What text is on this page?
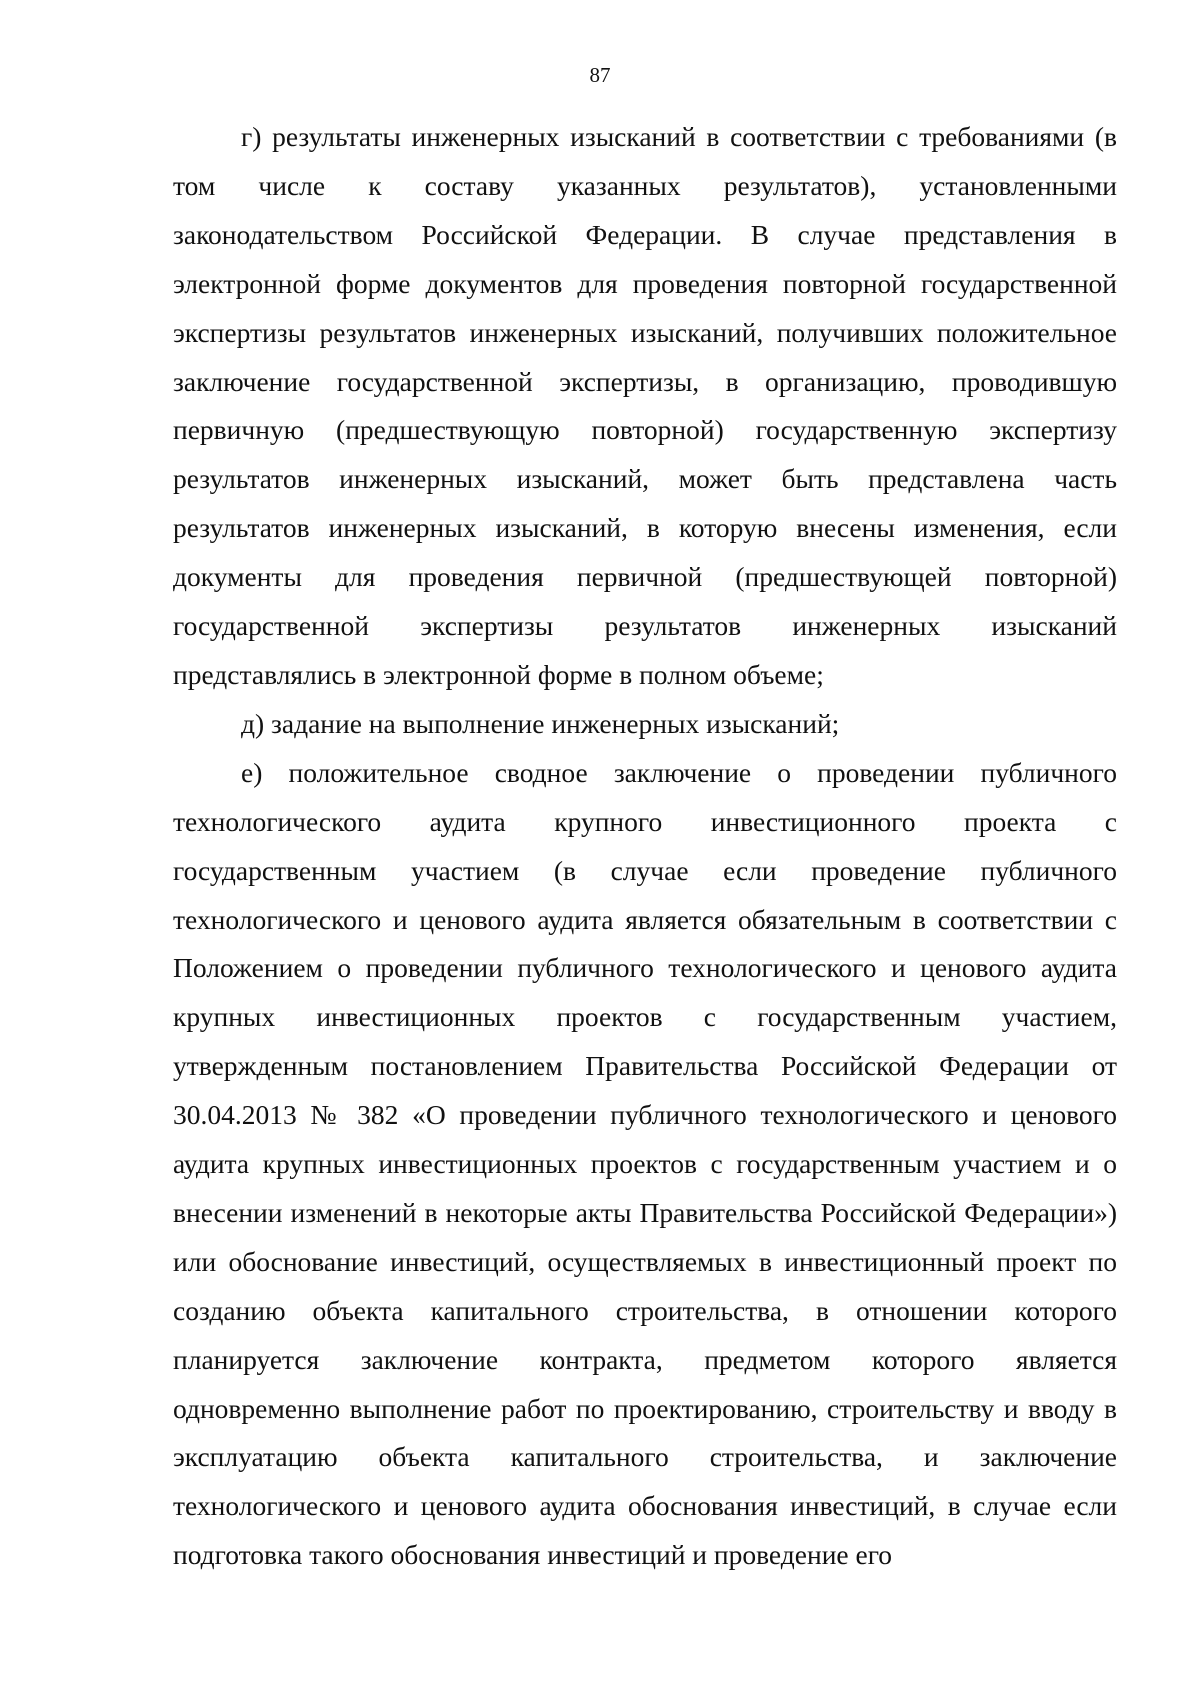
87

г) результаты инженерных изысканий в соответствии с требованиями (в том числе к составу указанных результатов), установленными законодательством Российской Федерации. В случае представления в электронной форме документов для проведения повторной государственной экспертизы результатов инженерных изысканий, получивших положительное заключение государственной экспертизы, в организацию, проводившую первичную (предшествующую повторной) государственную экспертизу результатов инженерных изысканий, может быть представлена часть результатов инженерных изысканий, в которую внесены изменения, если документы для проведения первичной (предшествующей повторной) государственной экспертизы результатов инженерных изысканий представлялись в электронной форме в полном объеме;

д) задание на выполнение инженерных изысканий;

е) положительное сводное заключение о проведении публичного технологического аудита крупного инвестиционного проекта с государственным участием (в случае если проведение публичного технологического и ценового аудита является обязательным в соответствии с Положением о проведении публичного технологического и ценового аудита крупных инвестиционных проектов с государственным участием, утвержденным постановлением Правительства Российской Федерации от 30.04.2013 № 382 «О проведении публичного технологического и ценового аудита крупных инвестиционных проектов с государственным участием и о внесении изменений в некоторые акты Правительства Российской Федерации») или обоснование инвестиций, осуществляемых в инвестиционный проект по созданию объекта капитального строительства, в отношении которого планируется заключение контракта, предметом которого является одновременно выполнение работ по проектированию, строительству и вводу в эксплуатацию объекта капитального строительства, и заключение технологического и ценового аудита обоснования инвестиций, в случае если подготовка такого обоснования инвестиций и проведение его
